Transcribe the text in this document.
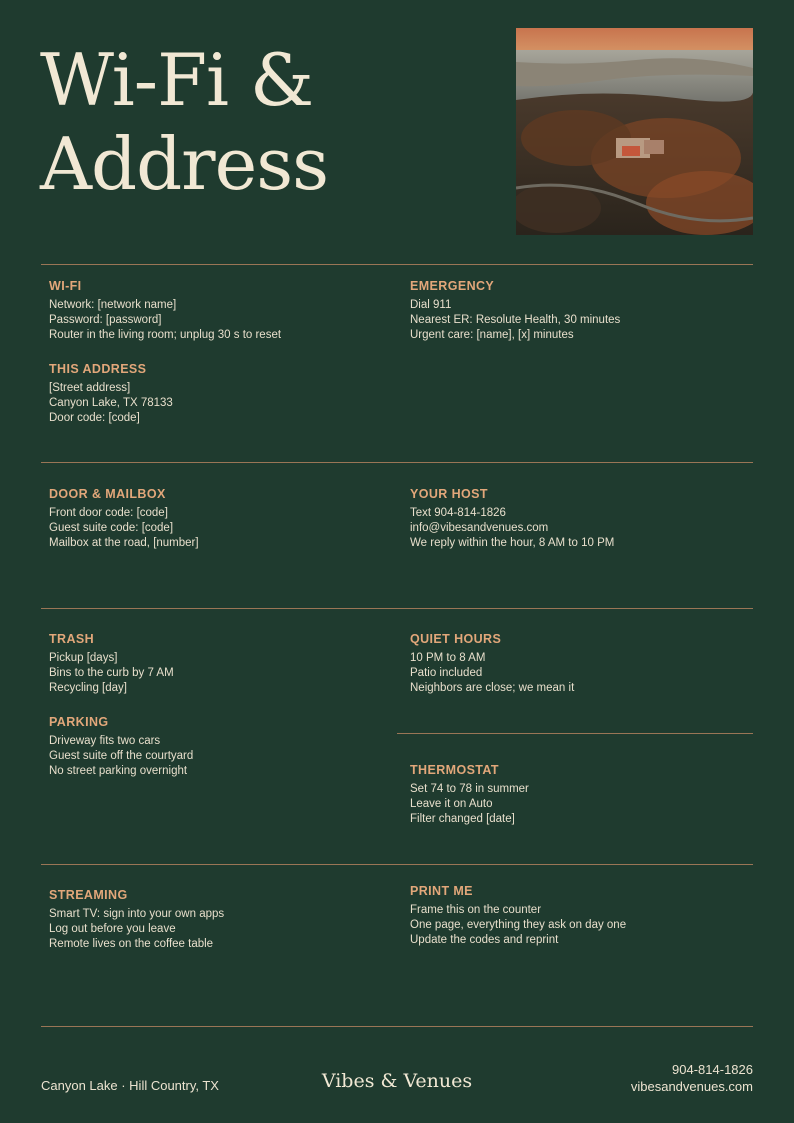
Wi-Fi &
Address
WI-FI
Network: [network name]
Password: [password]
Router in the living room; unplug 30 s to reset
EMERGENCY
Dial 911
Nearest ER: Resolute Health, 30 minutes
Urgent care: [name], [x] minutes
THIS ADDRESS
[Street address]
Canyon Lake, TX 78133
Door code: [code]
DOOR & MAILBOX
Front door code: [code]
Guest suite code: [code]
Mailbox at the road, [number]
YOUR HOST
Text 904-814-1826
info@vibesandvenues.com
We reply within the hour, 8 AM to 10 PM
TRASH
Pickup [days]
Bins to the curb by 7 AM
Recycling [day]
QUIET HOURS
10 PM to 8 AM
Patio included
Neighbors are close; we mean it
PARKING
Driveway fits two cars
Guest suite off the courtyard
No street parking overnight	THERMOSTAT
Set 74 to 78 in summer
Leave it on Auto
Filter changed [date]
STREAMING
Smart TV: sign into your own apps
Log out before you leave
Remote lives on the coffee table
PRINT ME
Frame this on the counter
One page, everything they ask on day one
Update the codes and reprint
Canyon Lake · Hill Country, TX	Vibes & Venues
904-814-1826
vibesandvenues.com
